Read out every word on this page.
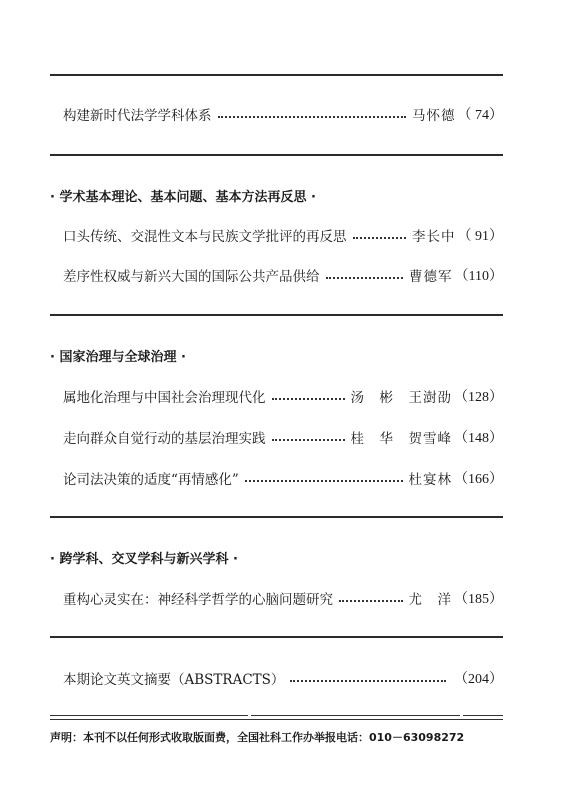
构建新时代法学学科体系	马怀德 （ 74）
· 学术基本理论、基本问题、基本方法再反思 ·
口头传统、交混性文本与民族文学批评的再反思	李长中 （ 91）
差序性权威与新兴大国的国际公共产品供给	曹德军 （110）
· 国家治理与全球治理 ·
属地化治理与中国社会治理现代化	汤　彬　王澍劭 （128）
走向群众自觉行动的基层治理实践	桂　华　贺雪峰 （148）
论司法决策的适度“再情感化”	杜宴林 （166）
· 跨学科、交叉学科与新兴学科 ·
重构心灵实在：神经科学哲学的心脑问题研究	尤　洋 （185）
本期论文英文摘要（ABSTRACTS）	（204）
声明：本刊不以任何形式收取版面费，全国社科工作办举报电话：010－63098272
